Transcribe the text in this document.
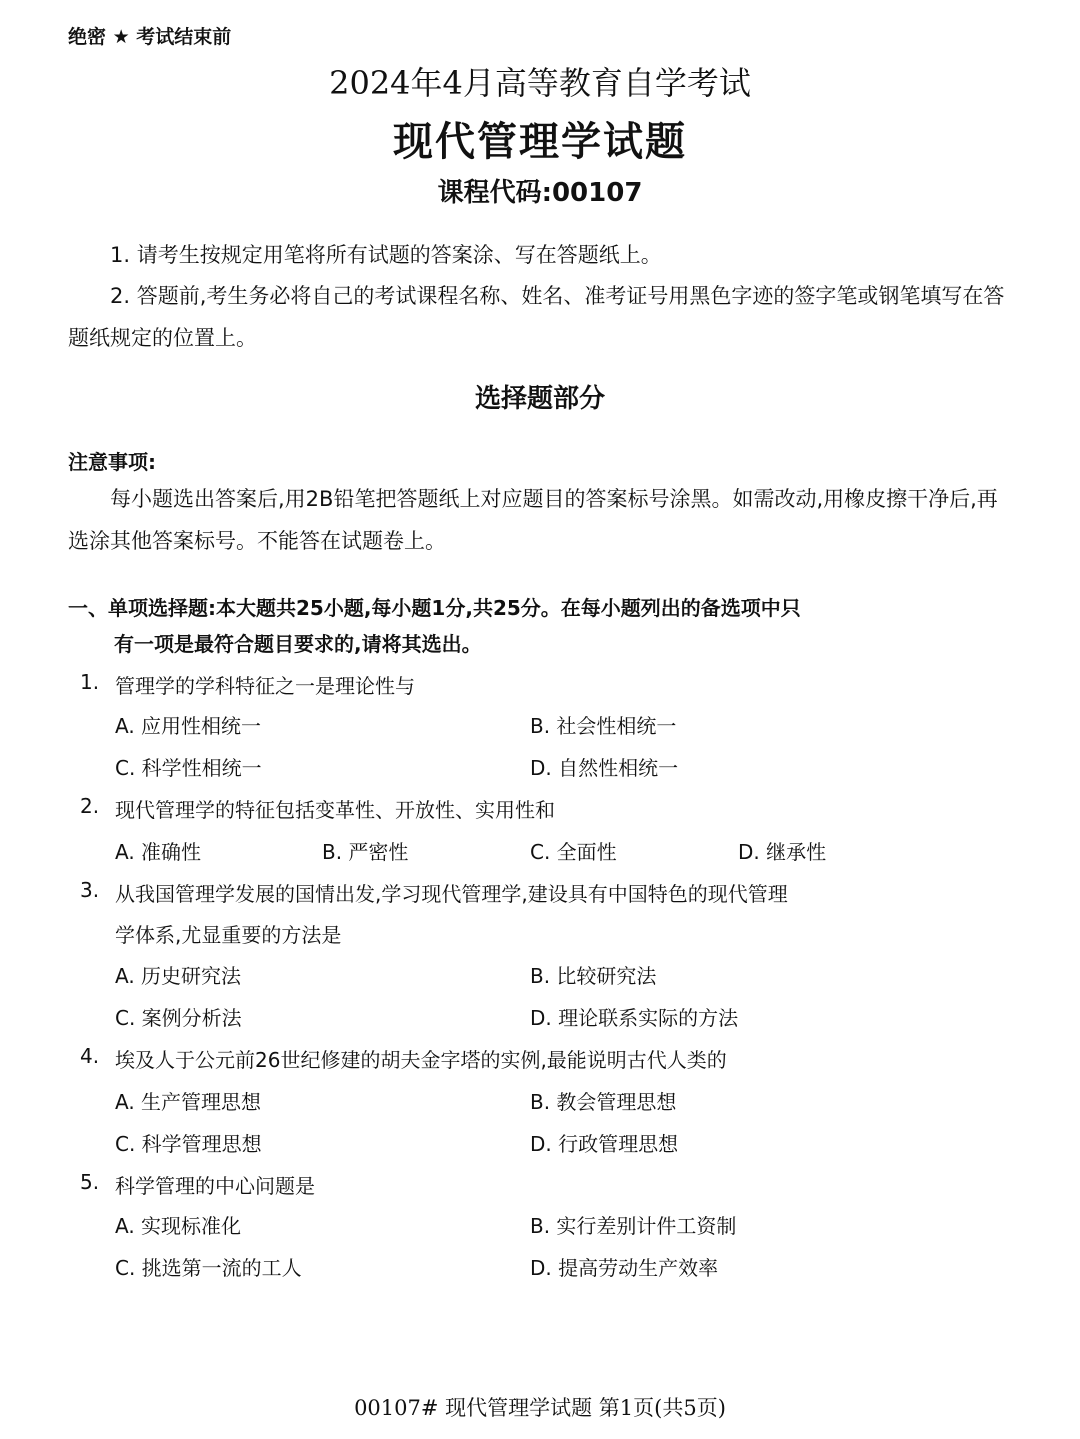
绝密 ★ 考试结束前
2024年4月高等教育自学考试
现代管理学试题
课程代码:00107
1. 请考生按规定用笔将所有试题的答案涂、写在答题纸上。
2. 答题前,考生务必将自己的考试课程名称、姓名、准考证号用黑色字迹的签字笔或钢笔填写在答题纸规定的位置上。
选择题部分
注意事项:
每小题选出答案后,用2B铅笔把答题纸上对应题目的答案标号涂黑。如需改动,用橡皮擦干净后,再选涂其他答案标号。不能答在试题卷上。
一、单项选择题:本大题共25小题,每小题1分,共25分。在每小题列出的备选项中只
有一项是最符合题目要求的,请将其选出。
1. 管理学的学科特征之一是理论性与
A. 应用性相统一	B. 社会性相统一
C. 科学性相统一	D. 自然性相统一
2. 现代管理学的特征包括变革性、开放性、实用性和
A. 准确性	B. 严密性	C. 全面性	D. 继承性
3. 从我国管理学发展的国情出发,学习现代管理学,建设具有中国特色的现代管理
学体系,尤显重要的方法是
A. 历史研究法	B. 比较研究法
C. 案例分析法	D. 理论联系实际的方法
4. 埃及人于公元前26世纪修建的胡夫金字塔的实例,最能说明古代人类的
A. 生产管理思想	B. 教会管理思想
C. 科学管理思想	D. 行政管理思想
5. 科学管理的中心问题是
A. 实现标准化	B. 实行差别计件工资制
C. 挑选第一流的工人	D. 提高劳动生产效率
00107# 现代管理学试题 第1页(共5页)
